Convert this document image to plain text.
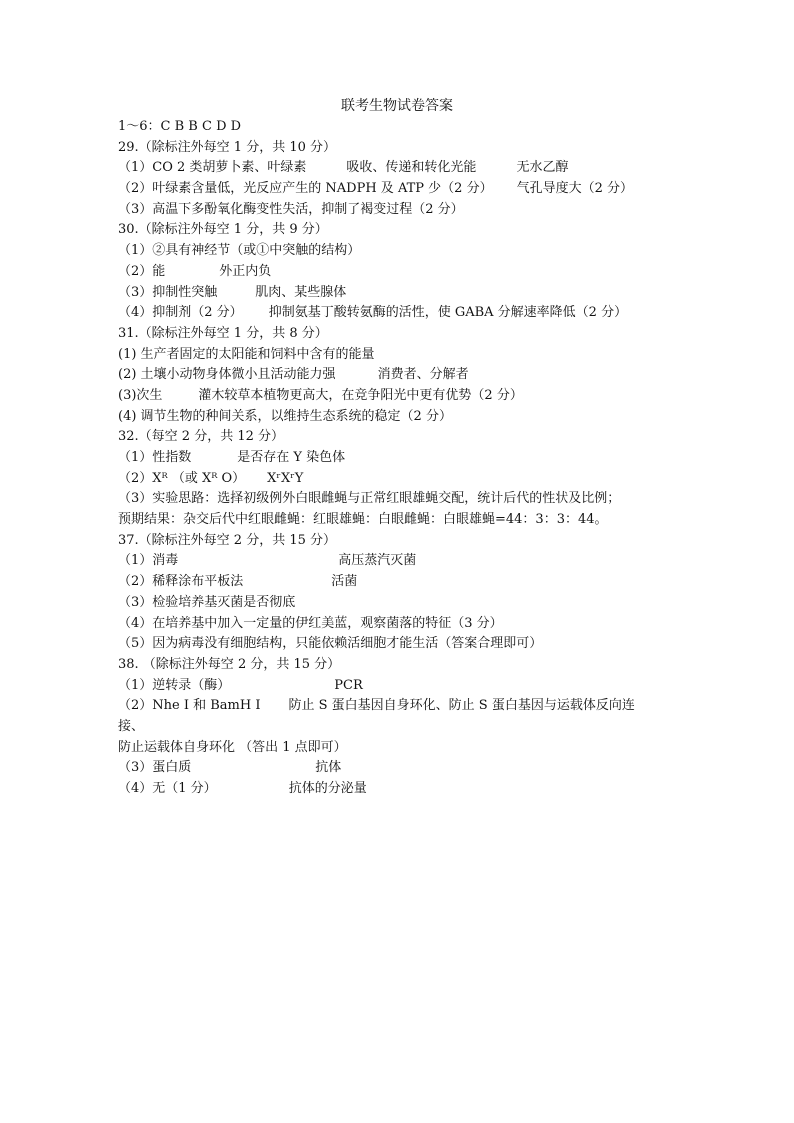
联考生物试卷答案
1～6：C B B C D D
29.（除标注外每空 1 分，共 10 分）
（1）CO 2 类胡萝卜素、叶绿素	吸收、传递和转化光能	无水乙醇
（2）叶绿素含量低，光反应产生的 NADPH 及 ATP 少（2 分） 气孔导度大（2 分）
（3）高温下多酚氧化酶变性失活，抑制了褐变过程（2 分）
30.（除标注外每空 1 分，共 9 分）
（1）②具有神经节（或①中突触的结构）
（2）能	外正内负
（3）抑制性突触	肌肉、某些腺体
（4）抑制剂（2 分） 抑制氨基丁酸转氨酶的活性，使 GABA 分解速率降低（2 分）
31.（除标注外每空 1 分，共 8 分）
(1) 生产者固定的太阳能和饲料中含有的能量
(2) 土壤小动物身体微小且活动能力强	消费者、分解者
(3)次生	灌木较草本植物更高大，在竞争阳光中更有优势（2 分）
(4) 调节生物的种间关系，以维持生态系统的稳定（2 分）
32.（每空 2 分，共 12 分）
（1）性指数	是否存在 Y 染色体
（2）Xᴿ （或 Xᴿ O） XʳXʳY
（3）实验思路：选择初级例外白眼雌蝇与正常红眼雄蝇交配，统计后代的性状及比例；
预期结果：杂交后代中红眼雌蝇：红眼雄蝇：白眼雌蝇：白眼雄蝇=44：3：3：44。
37.（除标注外每空 2 分，共 15 分）
（1）消毒	高压蒸汽灭菌
（2）稀释涂布平板法	活菌
（3）检验培养基灭菌是否彻底
（4）在培养基中加入一定量的伊红美蓝，观察菌落的特征（3 分）
（5）因为病毒没有细胞结构，只能依赖活细胞才能生活（答案合理即可）
38. （除标注外每空 2 分，共 15 分）
（1）逆转录（酶）	PCR
（2）Nhe I 和 BamH I 防止 S 蛋白基因自身环化、防止 S 蛋白基因与运载体反向连
接、
防止运载体自身环化 （答出 1 点即可）
（3）蛋白质	抗体
（4）无（1 分）	抗体的分泌量
